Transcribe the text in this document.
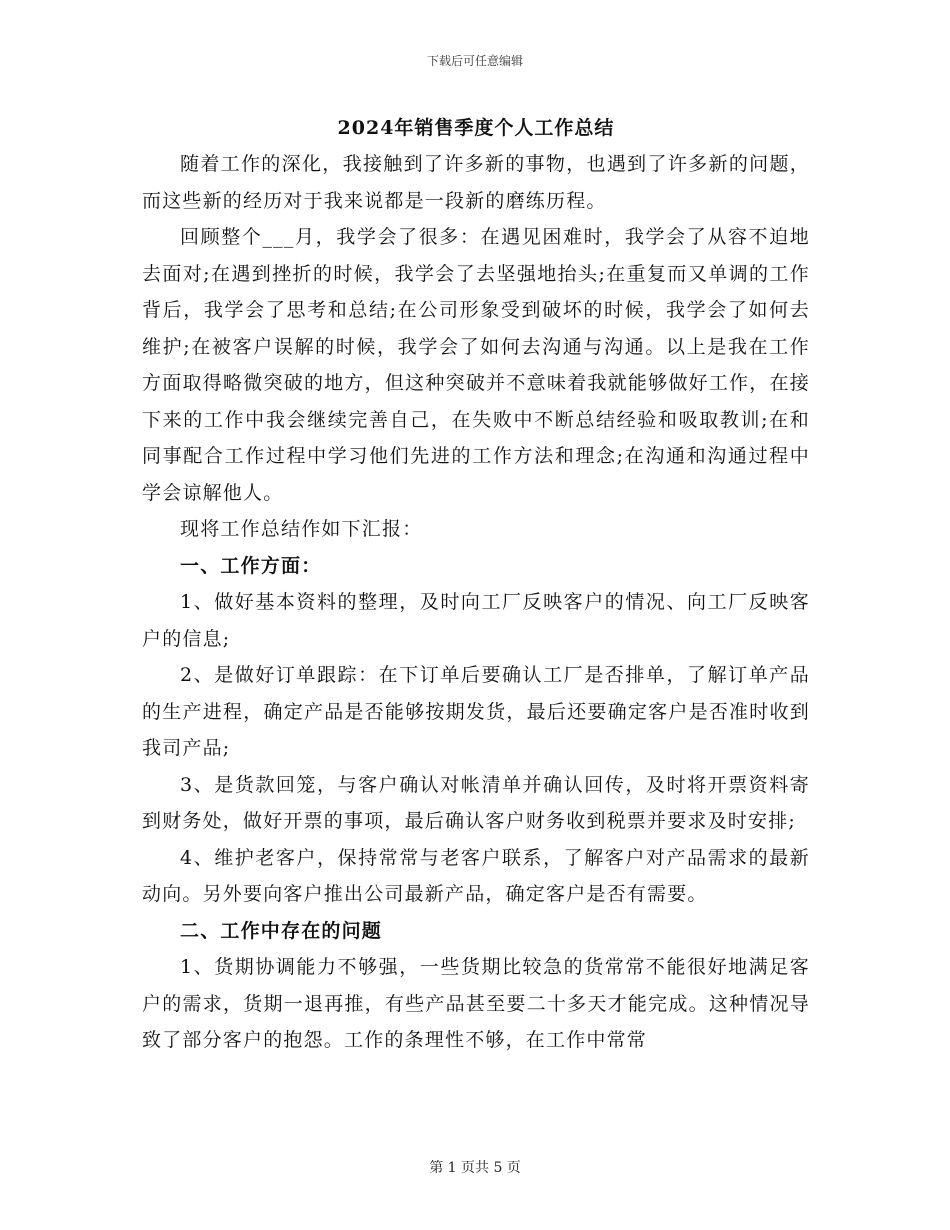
下载后可任意编辑
2024年销售季度个人工作总结

随着工作的深化，我接触到了许多新的事物，也遇到了许多新的问题，而这些新的经历对于我来说都是一段新的磨练历程。

回顾整个___月，我学会了很多：在遇见困难时，我学会了从容不迫地去面对;在遇到挫折的时候，我学会了去坚强地抬头;在重复而又单调的工作背后，我学会了思考和总结;在公司形象受到破坏的时候，我学会了如何去维护;在被客户误解的时候，我学会了如何去沟通与沟通。以上是我在工作方面取得略微突破的地方，但这种突破并不意味着我就能够做好工作，在接下来的工作中我会继续完善自己，在失败中不断总结经验和吸取教训;在和同事配合工作过程中学习他们先进的工作方法和理念;在沟通和沟通过程中学会谅解他人。

现将工作总结作如下汇报：

一、工作方面：

1、做好基本资料的整理，及时向工厂反映客户的情况、向工厂反映客户的信息;

2、是做好订单跟踪：在下订单后要确认工厂是否排单，了解订单产品的生产进程，确定产品是否能够按期发货，最后还要确定客户是否准时收到我司产品;

3、是货款回笼，与客户确认对帐清单并确认回传，及时将开票资料寄到财务处，做好开票的事项，最后确认客户财务收到税票并要求及时安排;

4、维护老客户，保持常常与老客户联系，了解客户对产品需求的最新动向。另外要向客户推出公司最新产品，确定客户是否有需要。

二、工作中存在的问题

1、货期协调能力不够强，一些货期比较急的货常常不能很好地满足客户的需求，货期一退再推，有些产品甚至要二十多天才能完成。这种情况导致了部分客户的抱怨。工作的条理性不够，在工作中常常

第 1 页共 5 页
